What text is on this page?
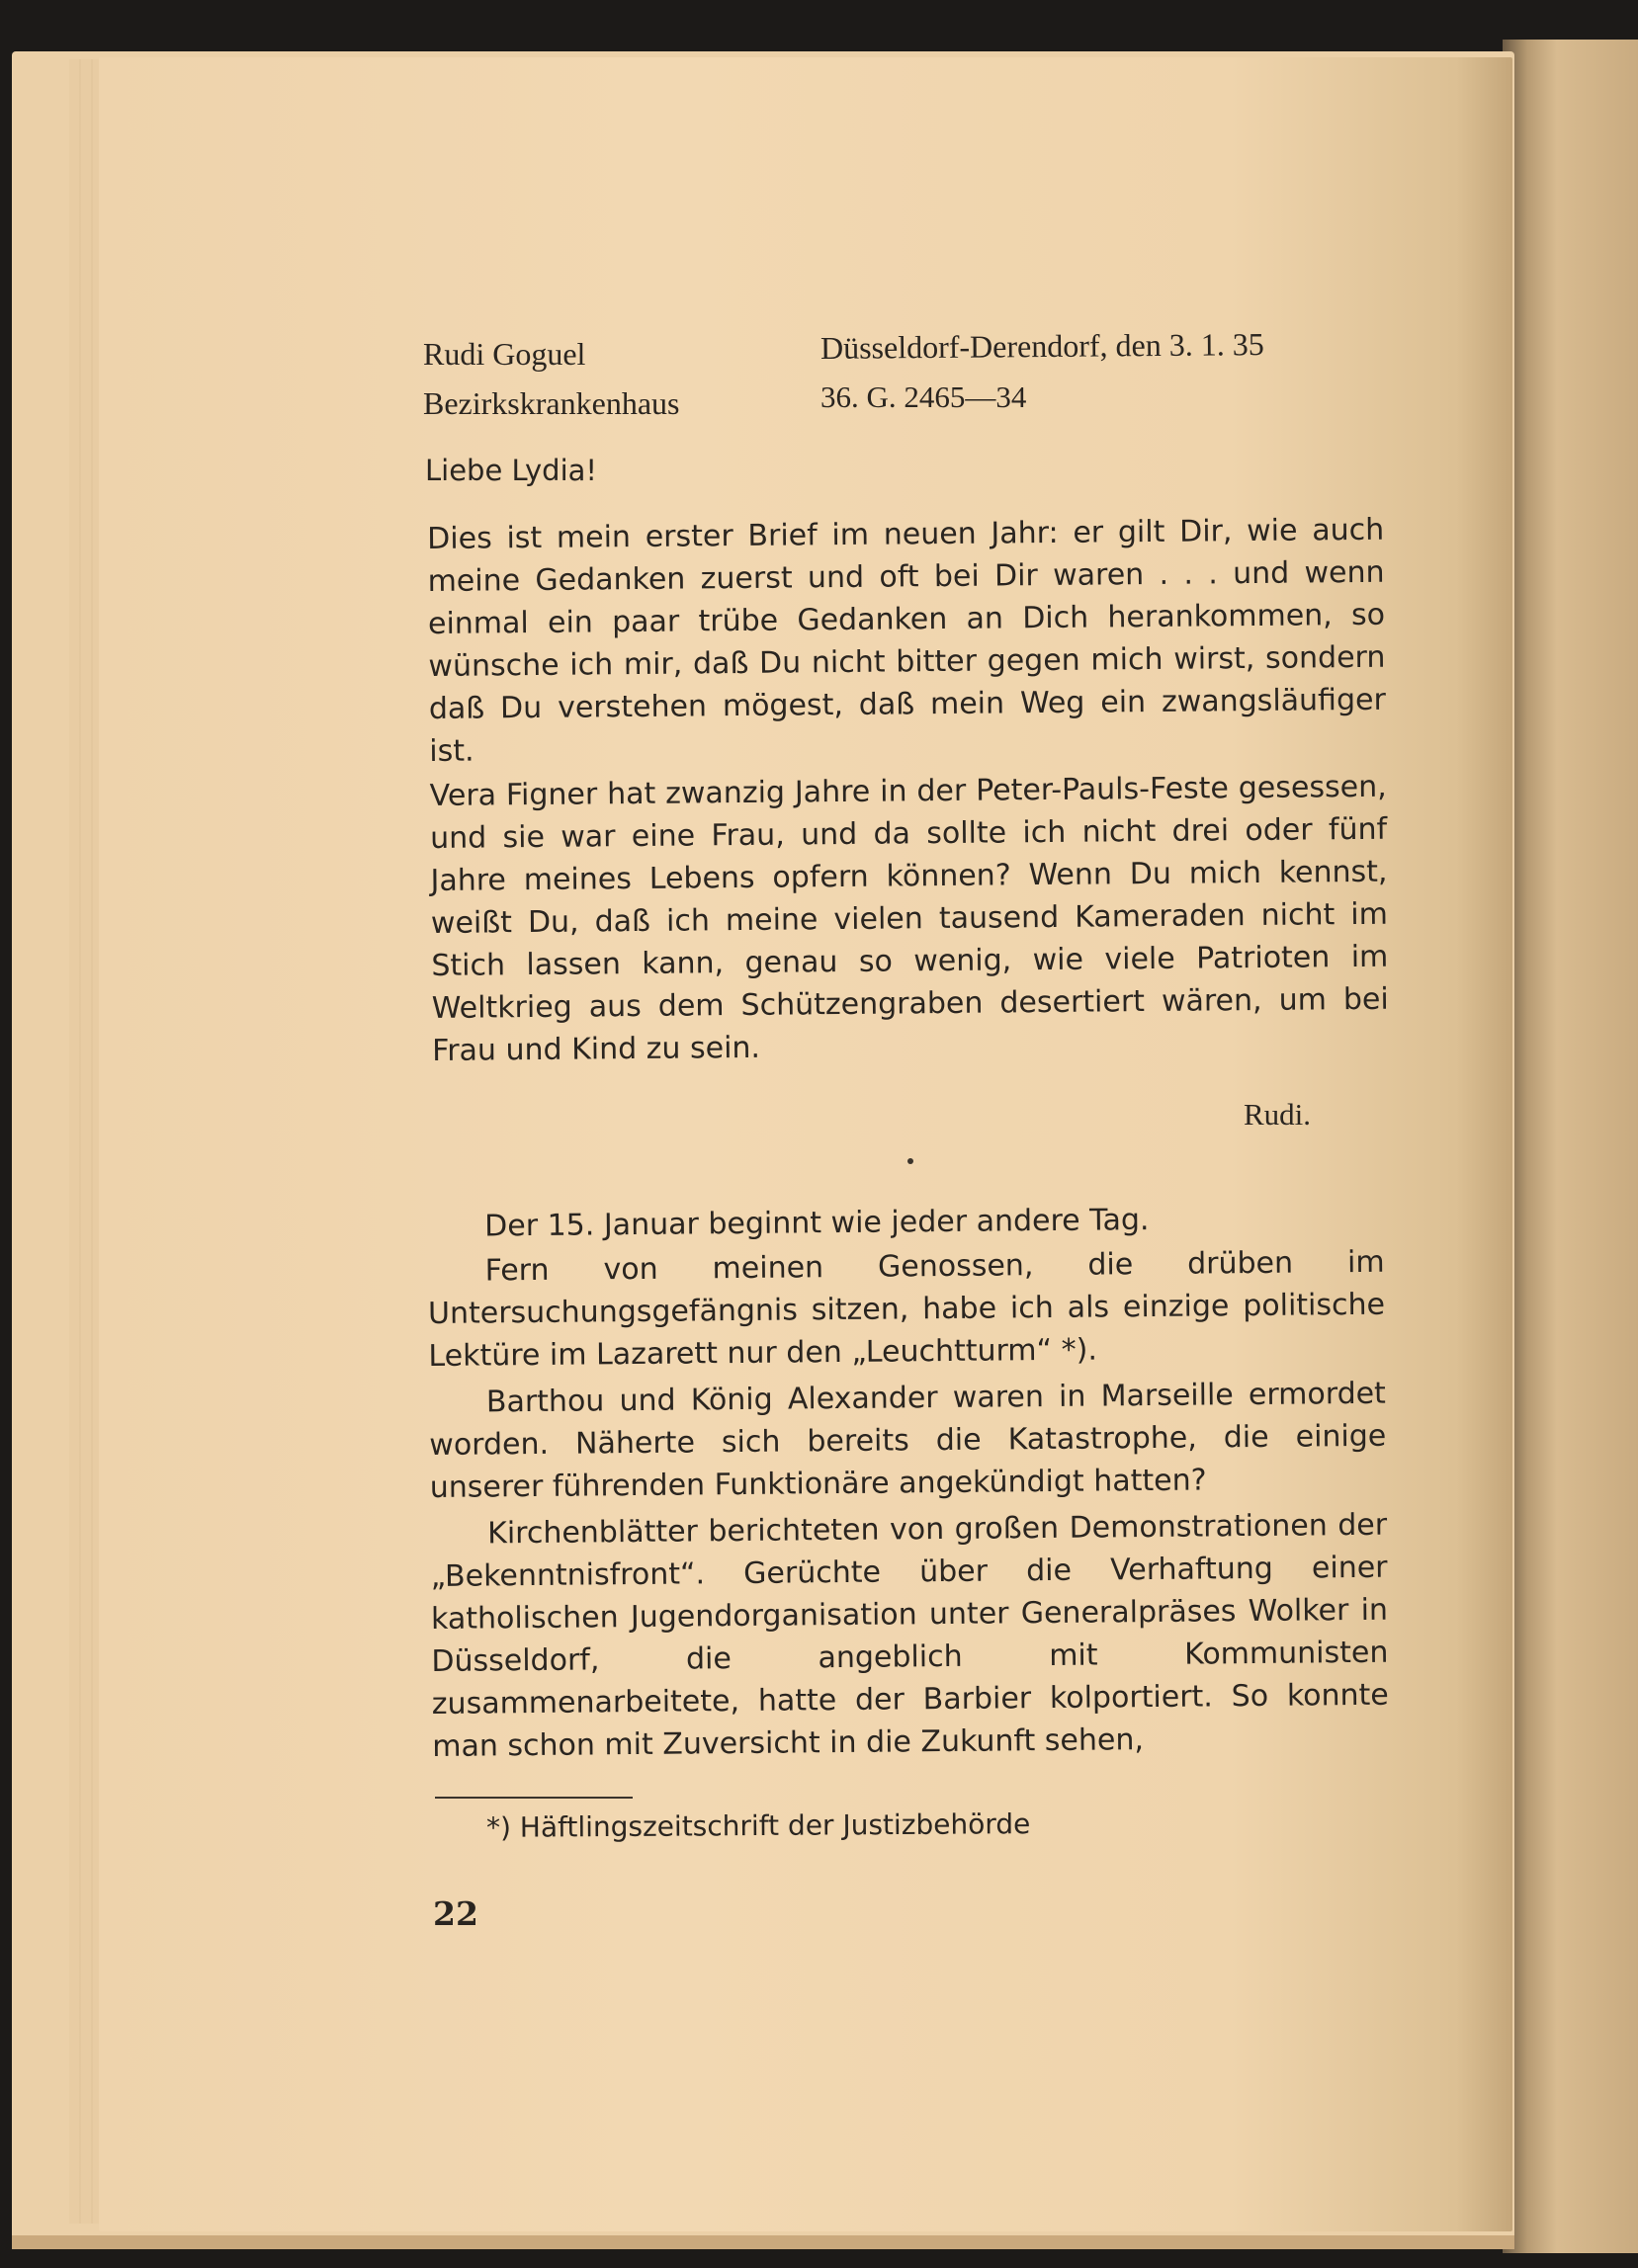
Rudi Goguel	Düsseldorf-Derendorf, den 3. 1. 35
Bezirkskrankenhaus	36. G. 2465—34
Liebe Lydia!

Dies ist mein erster Brief im neuen Jahr: er gilt Dir, wie auch meine Gedanken zuerst und oft bei Dir waren . . . und wenn einmal ein paar trübe Gedanken an Dich herankommen, so wünsche ich mir, daß Du nicht bitter gegen mich wirst, sondern daß Du verstehen mögest, daß mein Weg ein zwangsläufiger ist.

Vera Figner hat zwanzig Jahre in der Peter-Pauls-Feste gesessen, und sie war eine Frau, und da sollte ich nicht drei oder fünf Jahre meines Lebens opfern können? Wenn Du mich kennst, weißt Du, daß ich meine vielen tausend Kameraden nicht im Stich lassen kann, genau so wenig, wie viele Patrioten im Weltkrieg aus dem Schützengraben desertiert wären, um bei Frau und Kind zu sein.

Rudi.

Der 15. Januar beginnt wie jeder andere Tag.

Fern von meinen Genossen, die drüben im Untersuchungsgefängnis sitzen, habe ich als einzige politische Lektüre im Lazarett nur den „Leuchtturm“ *).

Barthou und König Alexander waren in Marseille ermordet worden. Näherte sich bereits die Katastrophe, die einige unserer führenden Funktionäre angekündigt hatten?

Kirchenblätter berichteten von großen Demonstrationen der „Bekenntnisfront“. Gerüchte über die Verhaftung einer katholischen Jugendorganisation unter Generalpräses Wolker in Düsseldorf, die angeblich mit Kommunisten zusammenarbeitete, hatte der Barbier kolportiert. So konnte man schon mit Zuversicht in die Zukunft sehen,

*) Häftlingszeitschrift der Justizbehörde
22
